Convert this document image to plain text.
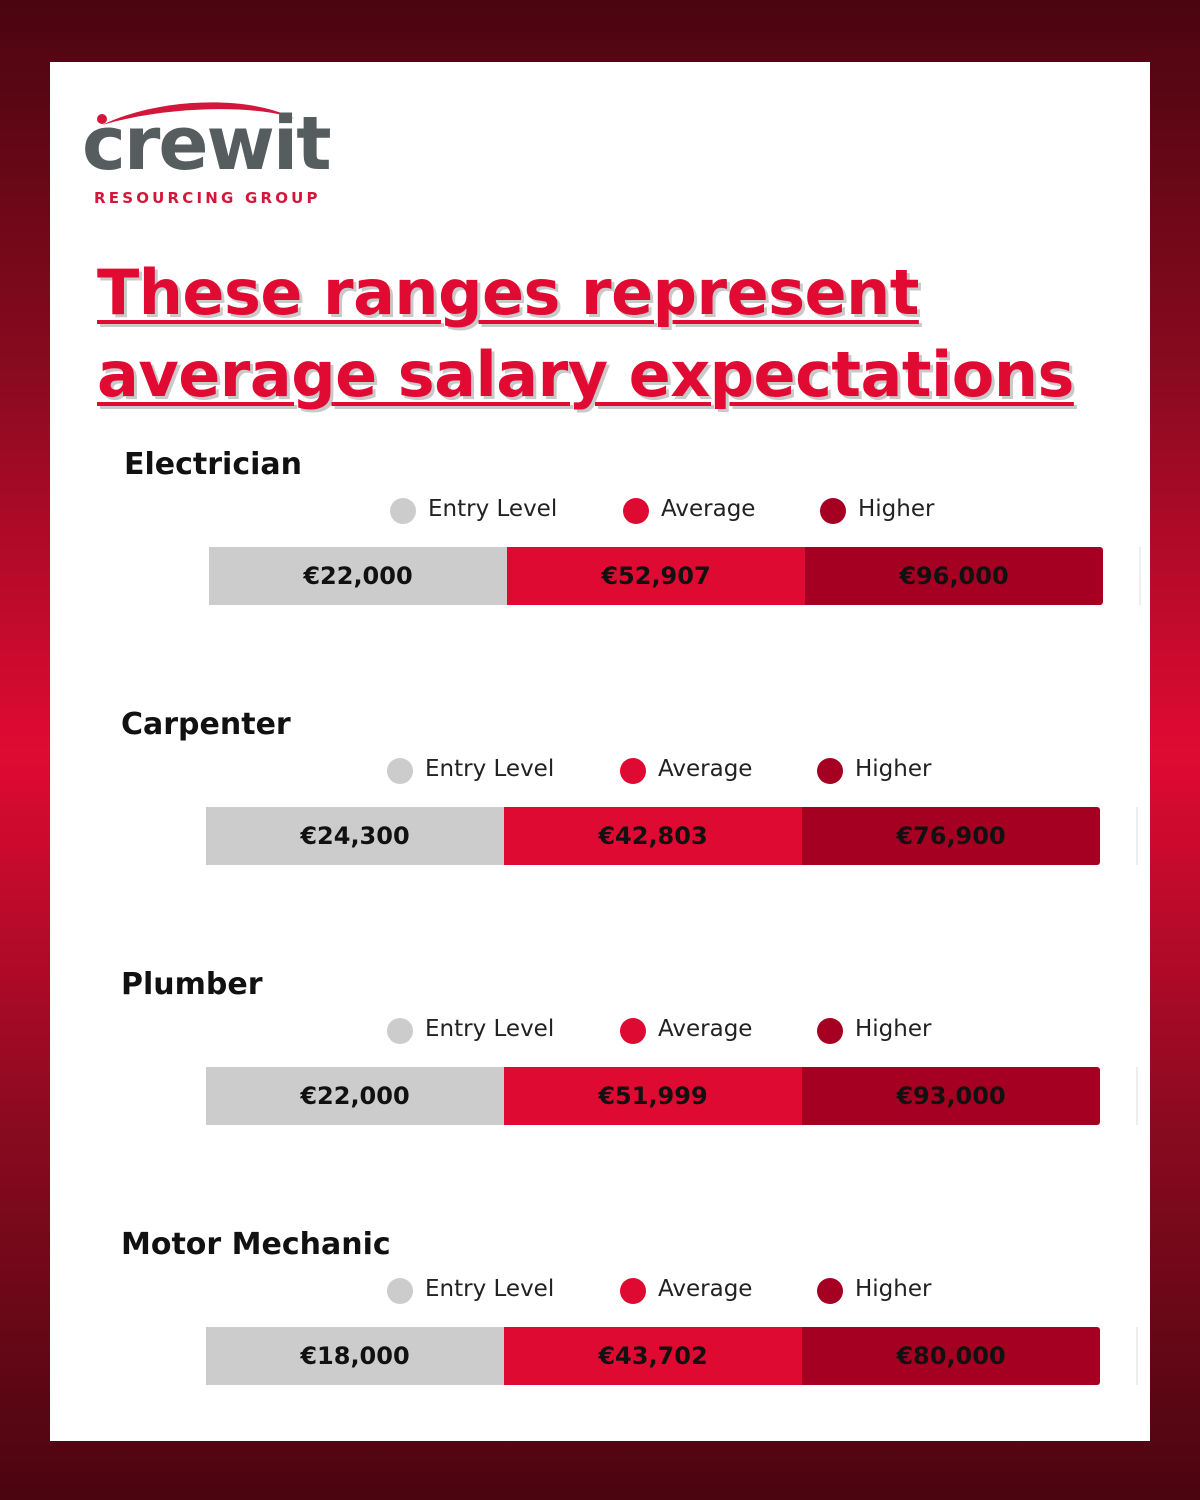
crewit
RESOURCING GROUP
These ranges represent average salary expectations
Electrician
Entry Level	Average	Higher
€22,000	€52,907	€96,000
Carpenter
Entry Level	Average	Higher
€24,300	€42,803	€76,900
Plumber
Entry Level	Average	Higher
€22,000	€51,999	€93,000
Motor Mechanic
Entry Level	Average	Higher
€18,000	€43,702	€80,000
